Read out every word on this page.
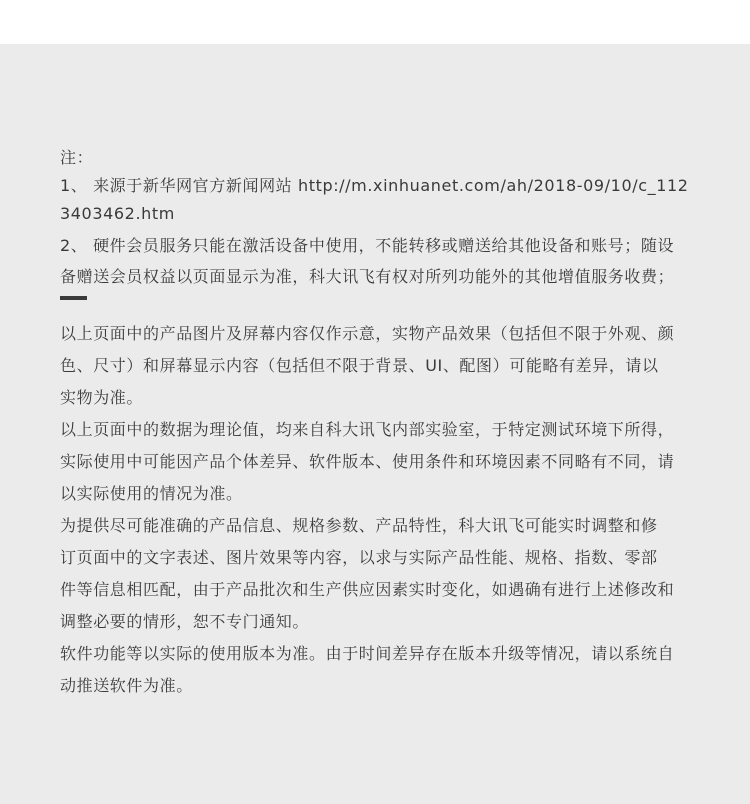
注：
1、 来源于新华网官方新闻网站 http://m.xinhuanet.com/ah/2018-09/10/c_112
3403462.htm
2、 硬件会员服务只能在激活设备中使用，不能转移或赠送给其他设备和账号；随设
备赠送会员权益以页面显示为准，科大讯飞有权对所列功能外的其他增值服务收费；
以上页面中的产品图片及屏幕内容仅作示意，实物产品效果（包括但不限于外观、颜
色、尺寸）和屏幕显示内容（包括但不限于背景、UI、配图）可能略有差异，请以
实物为准。
以上页面中的数据为理论值，均来自科大讯飞内部实验室，于特定测试环境下所得，
实际使用中可能因产品个体差异、软件版本、使用条件和环境因素不同略有不同，请
以实际使用的情况为准。
为提供尽可能准确的产品信息、规格参数、产品特性，科大讯飞可能实时调整和修
订页面中的文字表述、图片效果等内容，以求与实际产品性能、规格、指数、零部
件等信息相匹配，由于产品批次和生产供应因素实时变化，如遇确有进行上述修改和
调整必要的情形，恕不专门通知。
软件功能等以实际的使用版本为准。由于时间差异存在版本升级等情况，请以系统自
动推送软件为准。
